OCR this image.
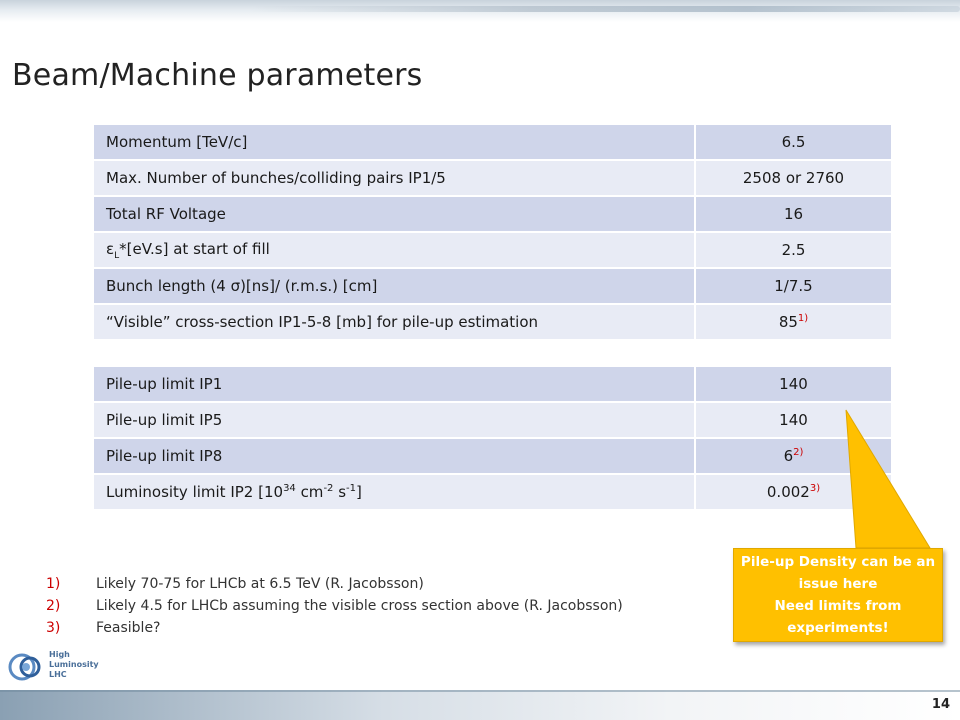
Beam/Machine parameters
Momentum [TeV/c]	6.5
Max. Number of bunches/colliding pairs IP1/5	2508 or 2760
Total RF Voltage	16
$\varepsilon_L*[eV.s]$ at start of fill	2.5
Bunch length (4 σ)[ns]/ (r.m.s.) [cm]	1/7.5
“Visible” cross-section IP1-5-8 [mb] for pile-up estimation	85$^{1)}$
Pile-up limit IP1	140
Pile-up limit IP5	140
Pile-up limit IP8	6$^{2)}$
Luminosity limit IP2 [$10^{34}$ $cm^{-2}$ $s^{-1}$]	0.002$^{3)}$
1)	Likely 70-75 for LHCb at 6.5 TeV (R. Jacobsson)
2)	Likely 4.5 for LHCb assuming the visible cross section above (R. Jacobsson)
3)	Feasible?
Pile-up Density can be an
issue here
Need limits from
experiments!
High
Luminosity
LHC
14
